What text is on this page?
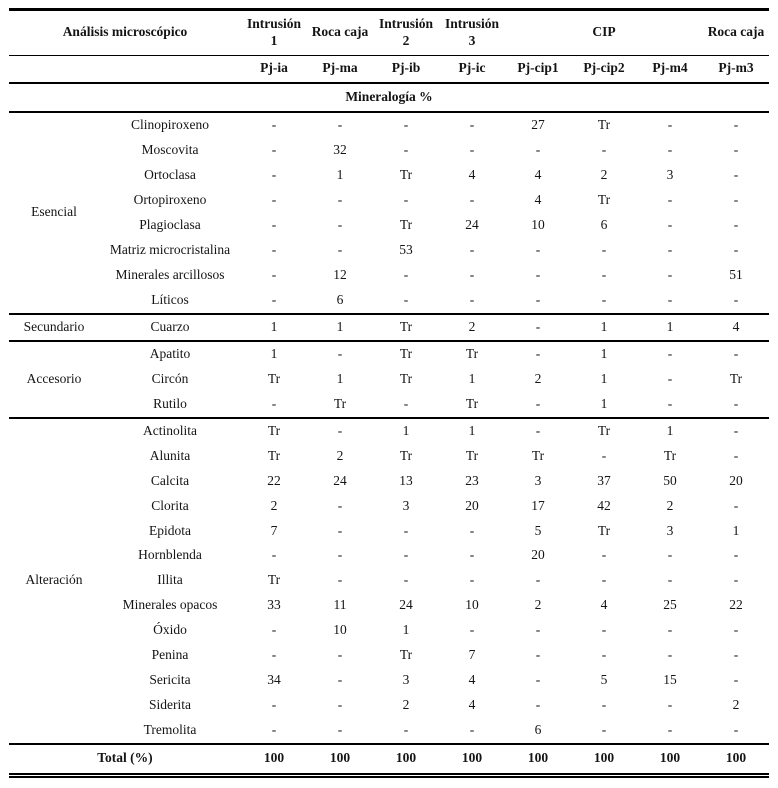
Análisis microscópico		Intrusión 1	Roca caja	Intrusión 2	Intrusión 3	CIP			Roca caja
		Pj-ia	Pj-ma	Pj-ib	Pj-ic	Pj-cip1	Pj-cip2	Pj-m4	Pj-m3
Mineralogía %									
Esencial	Clinopiroxeno	-	-	-	-	27	Tr	-	-
	Moscovita	-	32	-	-	-	-	-	-
	Ortoclasa	-	1	Tr	4	4	2	3	-
	Ortopiroxeno	-	-	-	-	4	Tr	-	-
	Plagioclasa	-	-	Tr	24	10	6	-	-
	Matriz microcristalina	-	-	53	-	-	-	-	-
	Minerales arcillosos	-	12	-	-	-	-	-	51
	Líticos	-	6	-	-	-	-	-	-
Secundario	Cuarzo	1	1	Tr	2	-	1	1	4
Accesorio	Apatito	1	-	Tr	Tr	-	1	-	-
	Circón	Tr	1	Tr	1	2	1	-	Tr
	Rutilo	-	Tr	-	Tr	-	1	-	-
Alteración	Actinolita	Tr	-	1	1	-	Tr	1	-
	Alunita	Tr	2	Tr	Tr	Tr	-	Tr	-
	Calcita	22	24	13	23	3	37	50	20
	Clorita	2	-	3	20	17	42	2	-
	Epidota	7	-	-	-	5	Tr	3	1
	Hornblenda	-	-	-	-	20	-	-	-
	Illita	Tr	-	-	-	-	-	-	-
	Minerales opacos	33	11	24	10	2	4	25	22
	Óxido	-	10	1	-	-	-	-	-
	Penina	-	-	Tr	7	-	-	-	-
	Sericita	34	-	3	4	-	5	15	-
	Siderita	-	-	2	4	-	-	-	2
	Tremolita	-	-	-	-	6	-	-	-
Total (%)		100	100	100	100	100	100	100	100
